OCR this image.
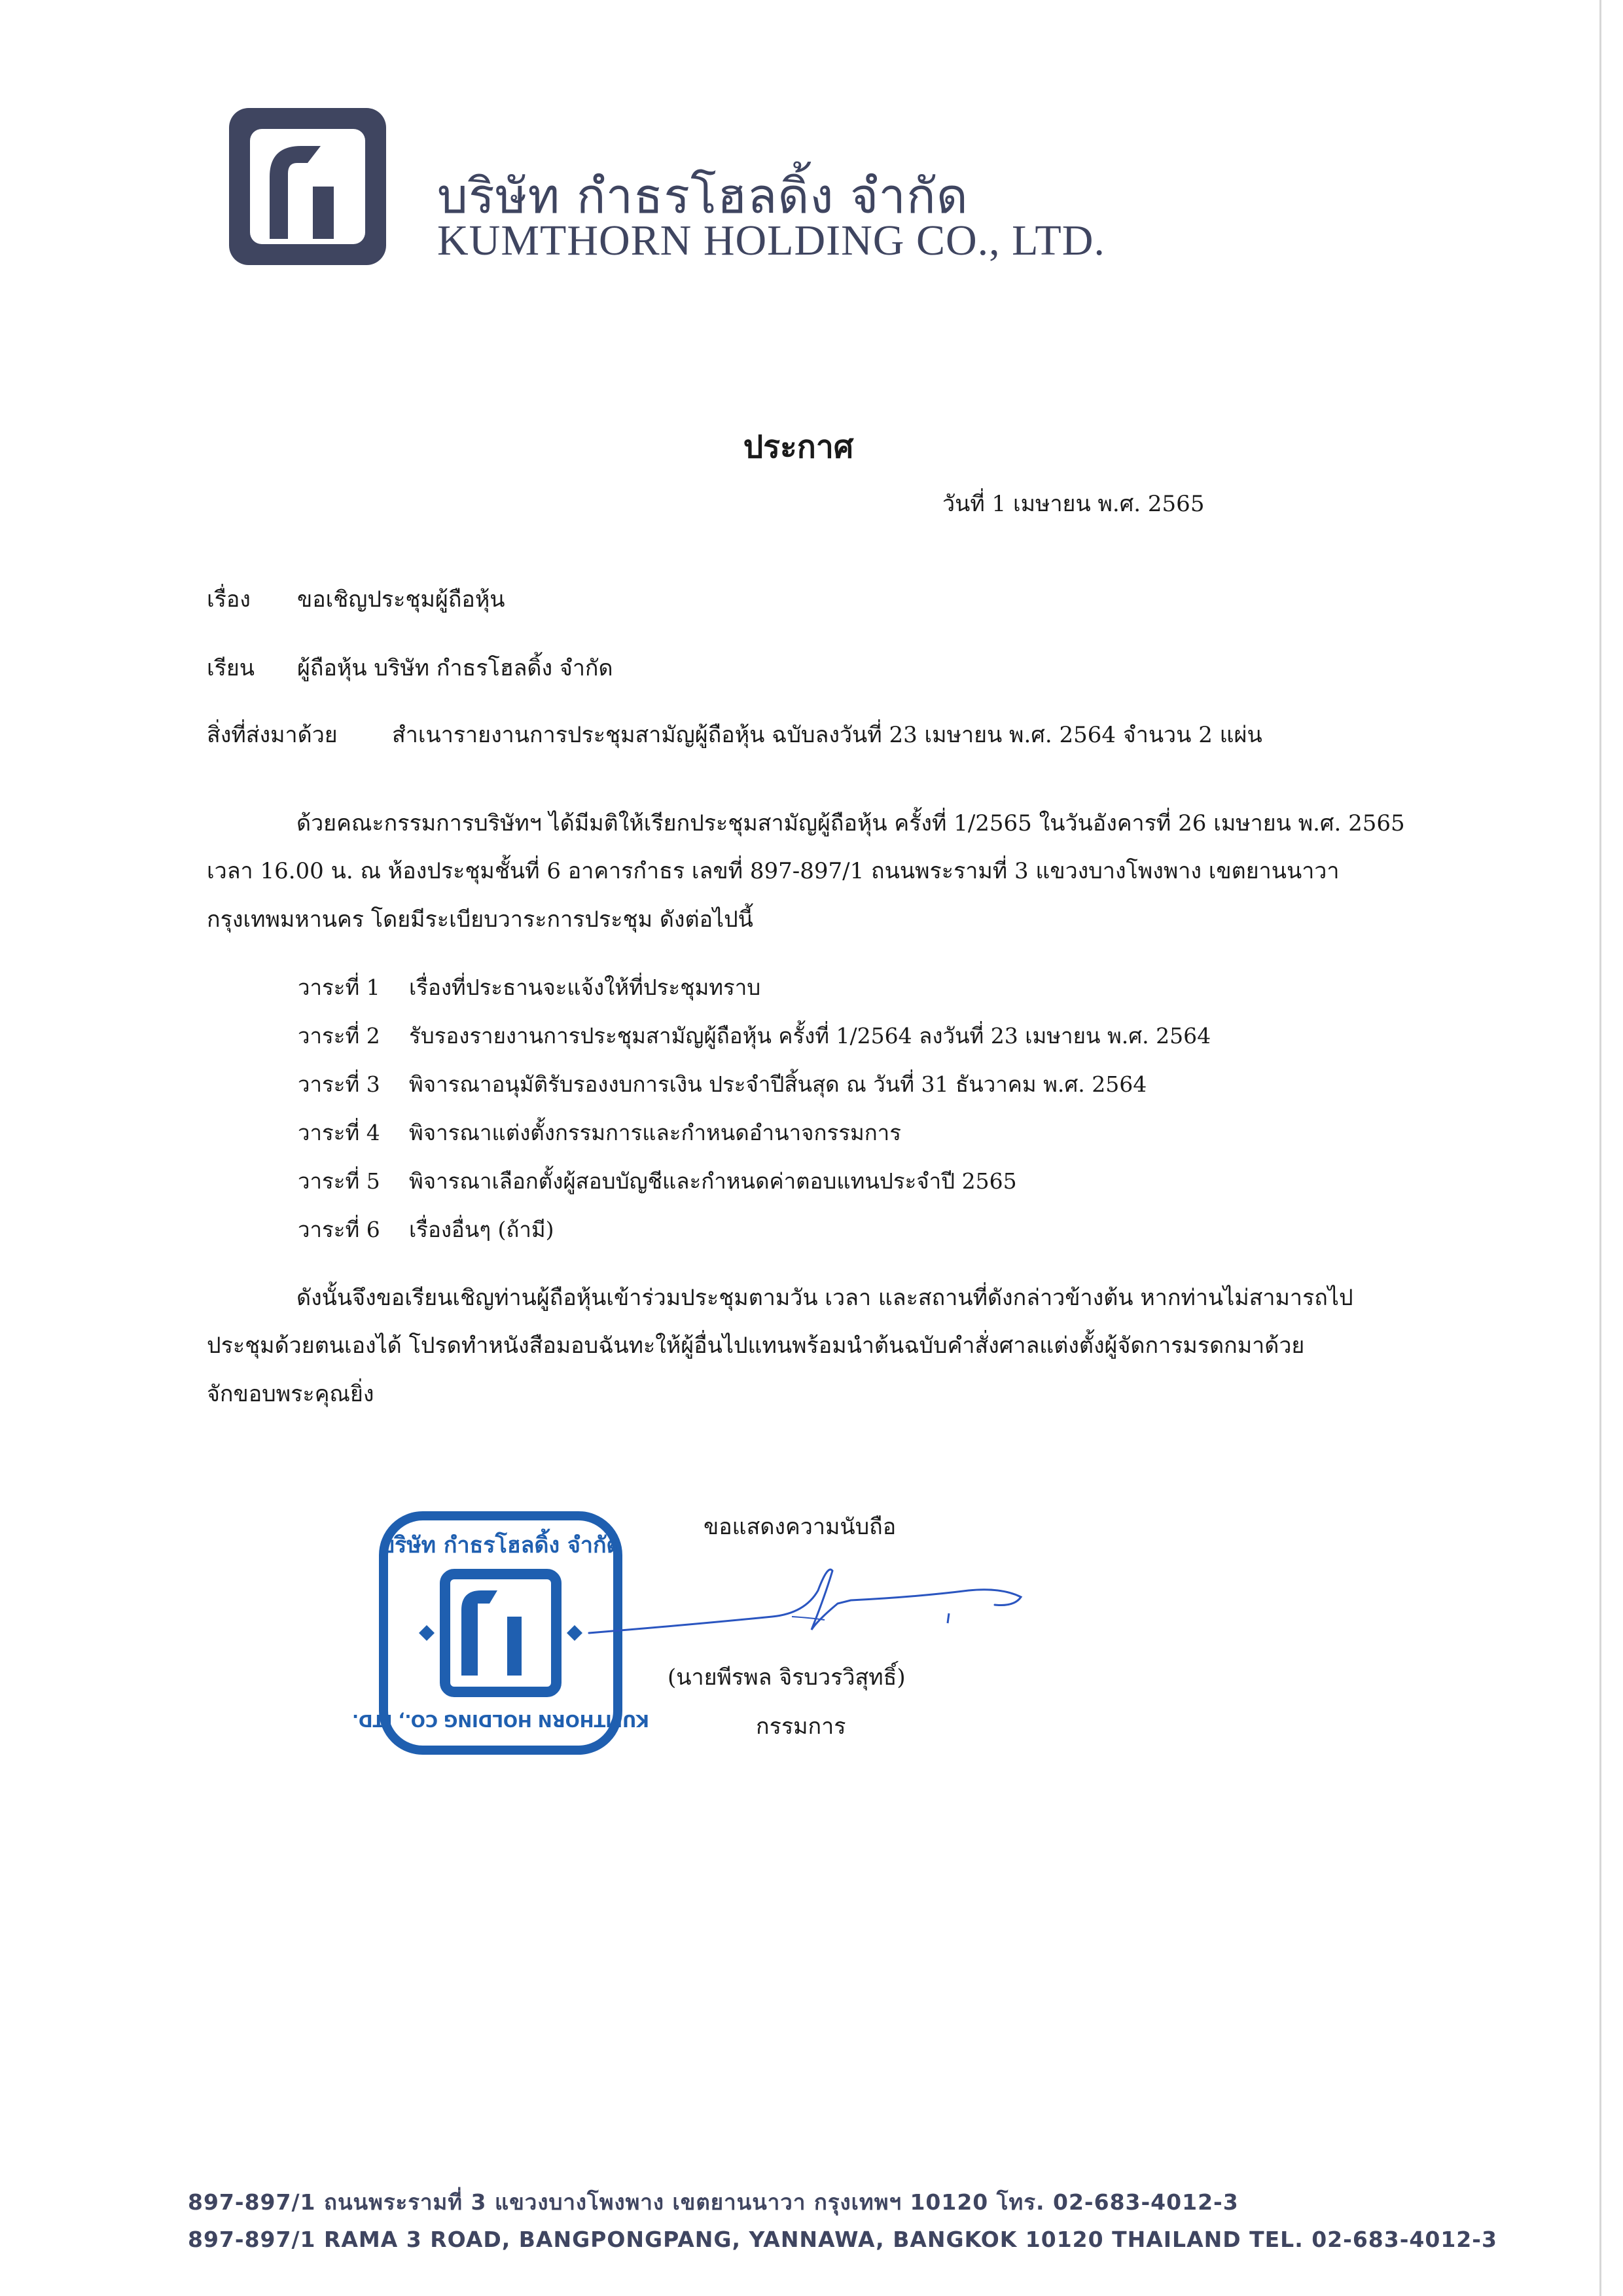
บริษัท กำธรโฮลดิ้ง จำกัด
KUMTHORN HOLDING CO., LTD.
ประกาศ
วันที่ 1 เมษายน พ.ศ. 2565
เรื่อง ขอเชิญประชุมผู้ถือหุ้น
เรียน ผู้ถือหุ้น บริษัท กำธรโฮลดิ้ง จำกัด
สิ่งที่ส่งมาด้วย สำเนารายงานการประชุมสามัญผู้ถือหุ้น ฉบับลงวันที่ 23 เมษายน พ.ศ. 2564 จำนวน 2 แผ่น
ด้วยคณะกรรมการบริษัทฯ ได้มีมติให้เรียกประชุมสามัญผู้ถือหุ้น ครั้งที่ 1/2565 ในวันอังคารที่ 26 เมษายน พ.ศ. 2565
เวลา 16.00 น. ณ ห้องประชุมชั้นที่ 6 อาคารกำธร เลขที่ 897-897/1 ถนนพระรามที่ 3 แขวงบางโพงพาง เขตยานนาวา
กรุงเทพมหานคร โดยมีระเบียบวาระการประชุม ดังต่อไปนี้
วาระที่ 1 เรื่องที่ประธานจะแจ้งให้ที่ประชุมทราบ
วาระที่ 2 รับรองรายงานการประชุมสามัญผู้ถือหุ้น ครั้งที่ 1/2564 ลงวันที่ 23 เมษายน พ.ศ. 2564
วาระที่ 3 พิจารณาอนุมัติรับรองงบการเงิน ประจำปีสิ้นสุด ณ วันที่ 31 ธันวาคม พ.ศ. 2564
วาระที่ 4 พิจารณาแต่งตั้งกรรมการและกำหนดอำนาจกรรมการ
วาระที่ 5 พิจารณาเลือกตั้งผู้สอบบัญชีและกำหนดค่าตอบแทนประจำปี 2565
วาระที่ 6 เรื่องอื่นๆ (ถ้ามี)
ดังนั้นจึงขอเรียนเชิญท่านผู้ถือหุ้นเข้าร่วมประชุมตามวัน เวลา และสถานที่ดังกล่าวข้างต้น หากท่านไม่สามารถไป
ประชุมด้วยตนเองได้ โปรดทำหนังสือมอบฉันทะให้ผู้อื่นไปแทนพร้อมนำต้นฉบับคำสั่งศาลแต่งตั้งผู้จัดการมรดกมาด้วย
จักขอบพระคุณยิ่ง
บริษัท กำธรโฮลดิ้ง จำกัด
KUMTHORN HOLDING CO., LTD.
ขอแสดงความนับถือ
(นายพีรพล จิรบวรวิสุทธิ์)
กรรมการ
897-897/1 ถนนพระรามที่ 3 แขวงบางโพงพาง เขตยานนาวา กรุงเทพฯ 10120 โทร. 02-683-4012-3
897-897/1 RAMA 3 ROAD, BANGPONGPANG, YANNAWA, BANGKOK 10120 THAILAND TEL. 02-683-4012-3
